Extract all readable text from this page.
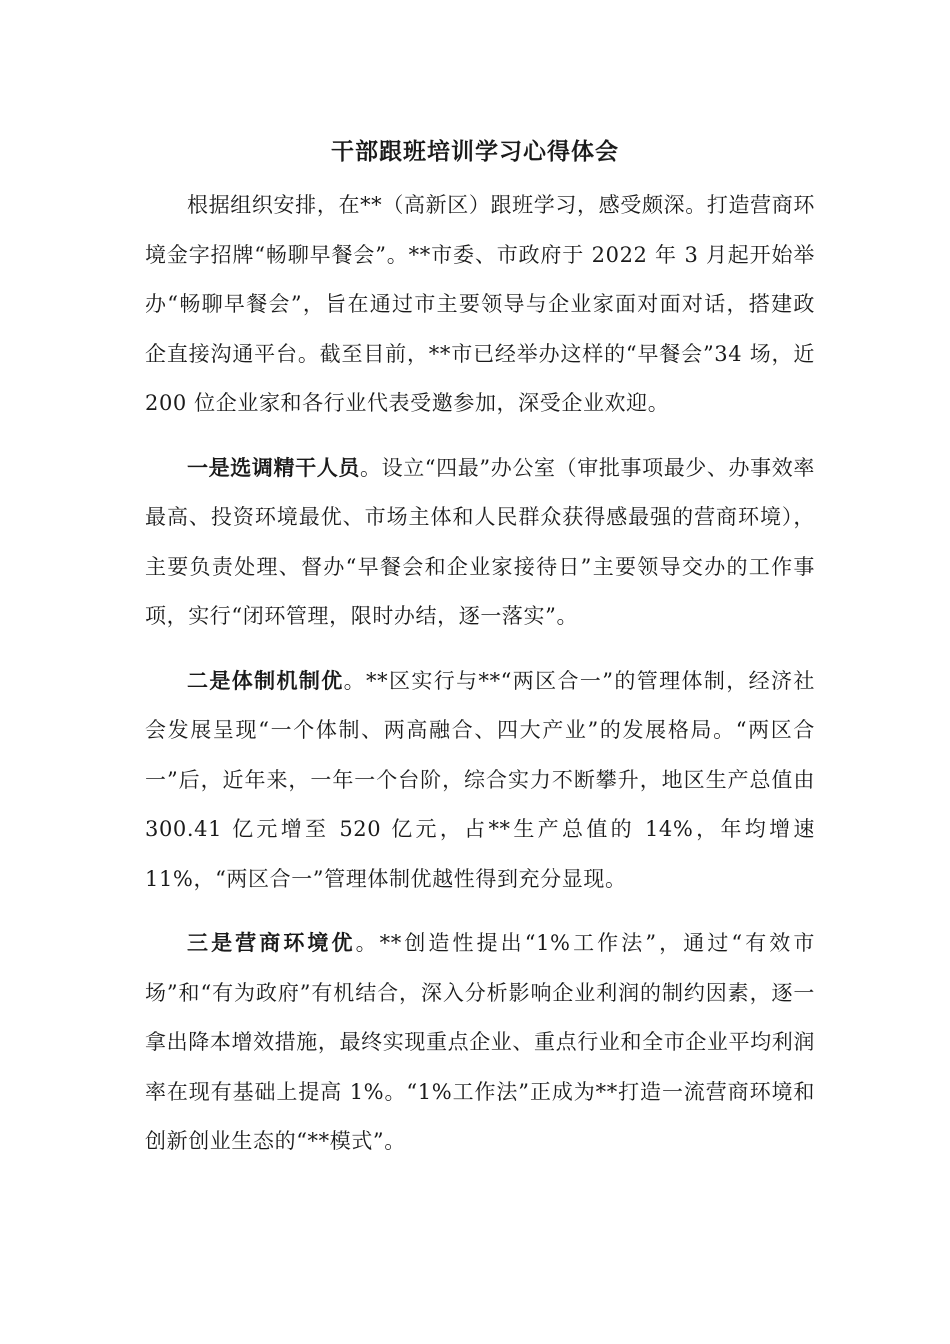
干部跟班培训学习心得体会

根据组织安排，在**（高新区）跟班学习，感受颇深。打造营商环境金字招牌“畅聊早餐会”。**市委、市政府于 2022 年 3 月起开始举办“畅聊早餐会”，旨在通过市主要领导与企业家面对面对话，搭建政企直接沟通平台。截至目前，**市已经举办这样的“早餐会”34 场，近 200 位企业家和各行业代表受邀参加，深受企业欢迎。

一是选调精干人员。设立“四最”办公室（审批事项最少、办事效率最高、投资环境最优、市场主体和人民群众获得感最强的营商环境），主要负责处理、督办“早餐会和企业家接待日”主要领导交办的工作事项，实行“闭环管理，限时办结，逐一落实”。

二是体制机制优。**区实行与**“两区合一”的管理体制，经济社会发展呈现“一个体制、两高融合、四大产业”的发展格局。“两区合一”后，近年来，一年一个台阶，综合实力不断攀升，地区生产总值由 300.41 亿元增至 520 亿元，占**生产总值的 14%，年均增速 11%，“两区合一”管理体制优越性得到充分显现。

三是营商环境优。**创造性提出“1%工作法”，通过“有效市场”和“有为政府”有机结合，深入分析影响企业利润的制约因素，逐一拿出降本增效措施，最终实现重点企业、重点行业和全市企业平均利润率在现有基础上提高 1%。“1%工作法”正成为**打造一流营商环境和创新创业生态的“**模式”。
